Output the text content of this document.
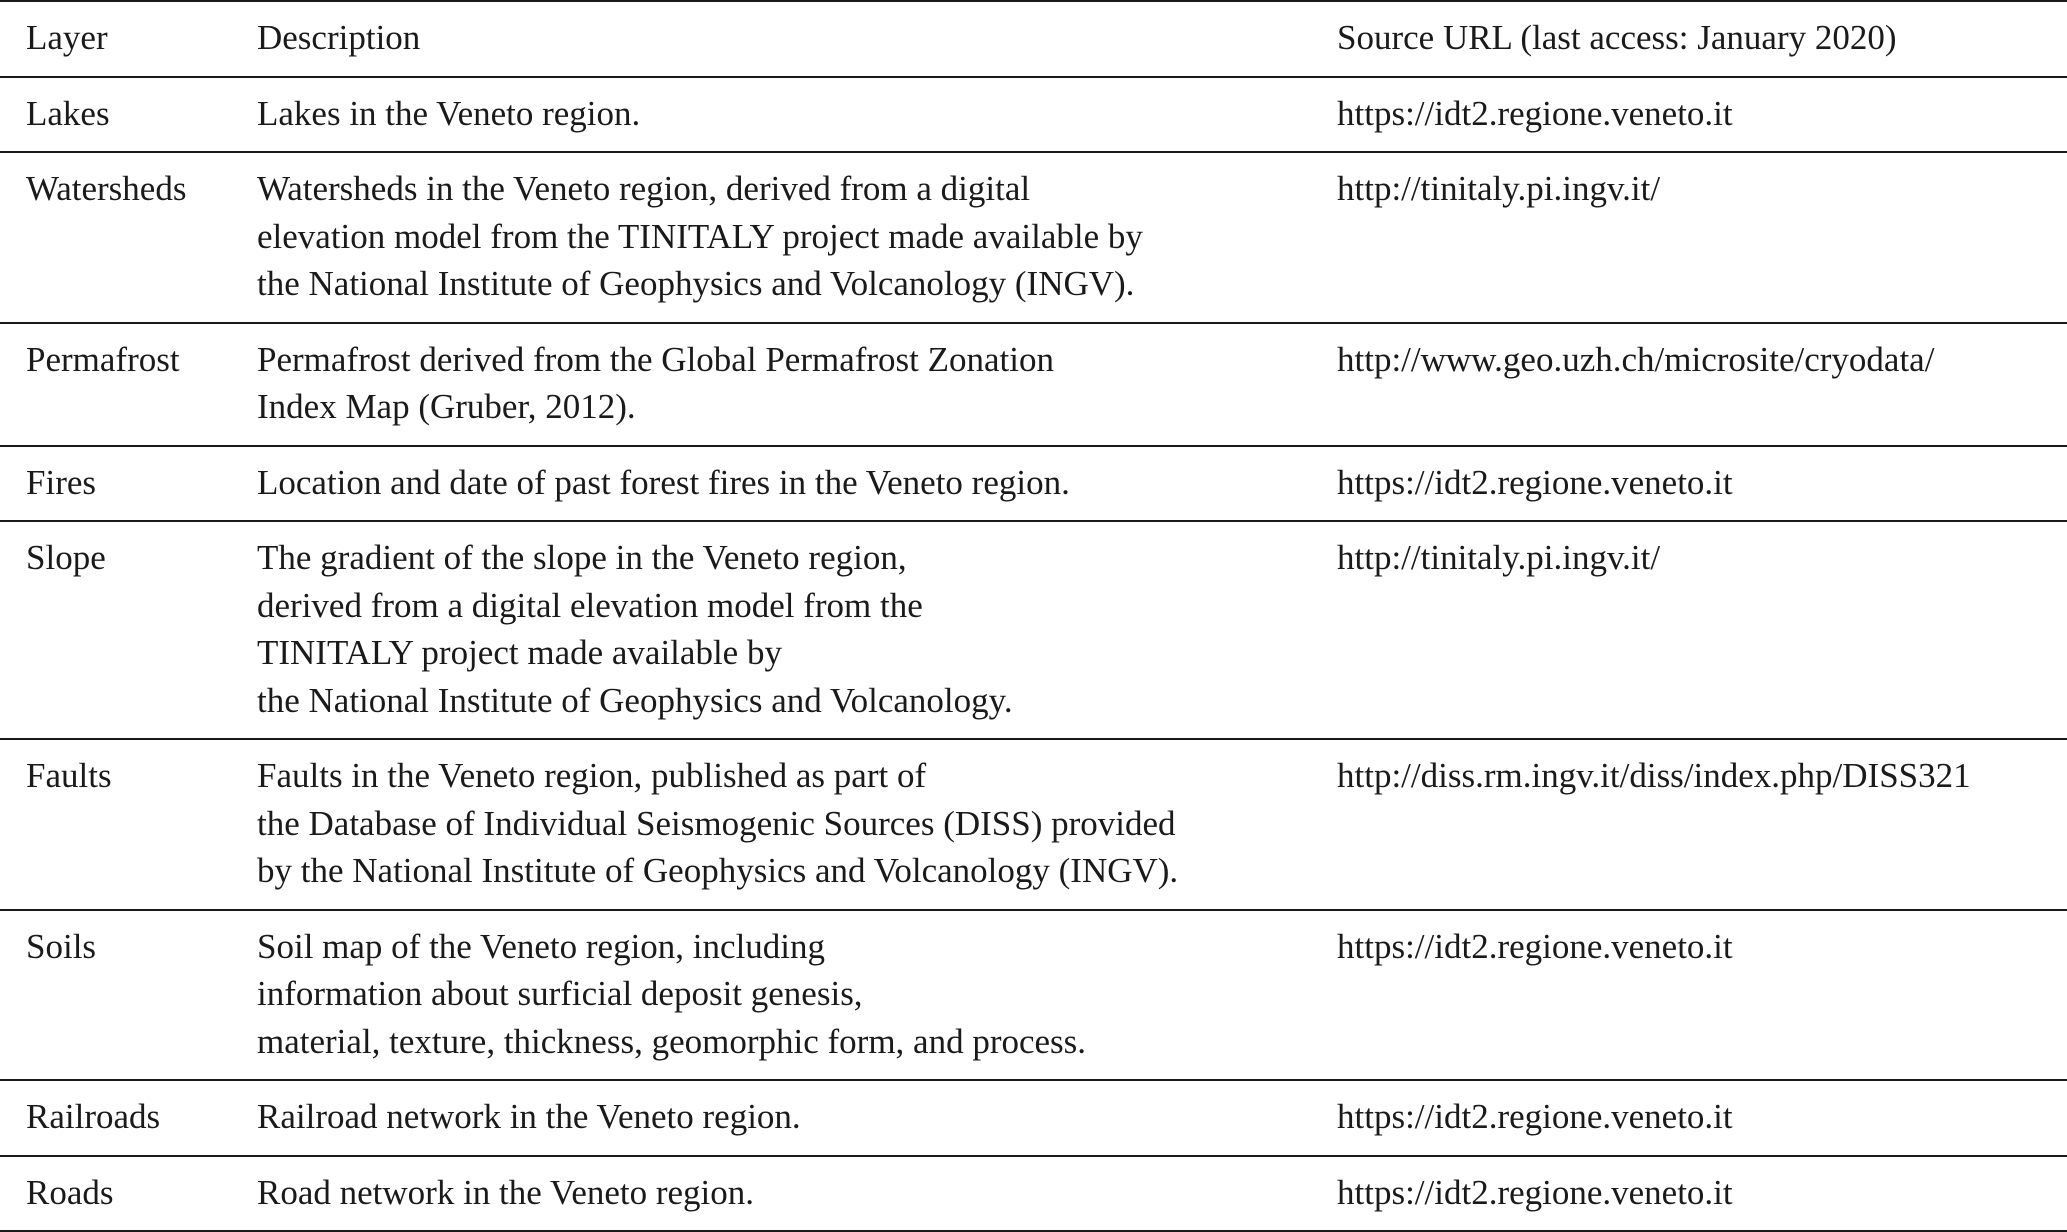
Layer	Description	Source URL (last access: January 2020)
Lakes	Lakes in the Veneto region.	https://idt2.regione.veneto.it
Watersheds	Watersheds in the Veneto region, derived from a digital
elevation model from the TINITALY project made available by
the National Institute of Geophysics and Volcanology (INGV).	http://tinitaly.pi.ingv.it/
Permafrost	Permafrost derived from the Global Permafrost Zonation
Index Map (Gruber, 2012).	http://www.geo.uzh.ch/microsite/cryodata/
Fires	Location and date of past forest fires in the Veneto region.	https://idt2.regione.veneto.it
Slope	The gradient of the slope in the Veneto region,
derived from a digital elevation model from the
TINITALY project made available by
the National Institute of Geophysics and Volcanology.	http://tinitaly.pi.ingv.it/
Faults	Faults in the Veneto region, published as part of
the Database of Individual Seismogenic Sources (DISS) provided
by the National Institute of Geophysics and Volcanology (INGV).	http://diss.rm.ingv.it/diss/index.php/DISS321
Soils	Soil map of the Veneto region, including
information about surficial deposit genesis,
material, texture, thickness, geomorphic form, and process.	https://idt2.regione.veneto.it
Railroads	Railroad network in the Veneto region.	https://idt2.regione.veneto.it
Roads	Road network in the Veneto region.	https://idt2.regione.veneto.it
